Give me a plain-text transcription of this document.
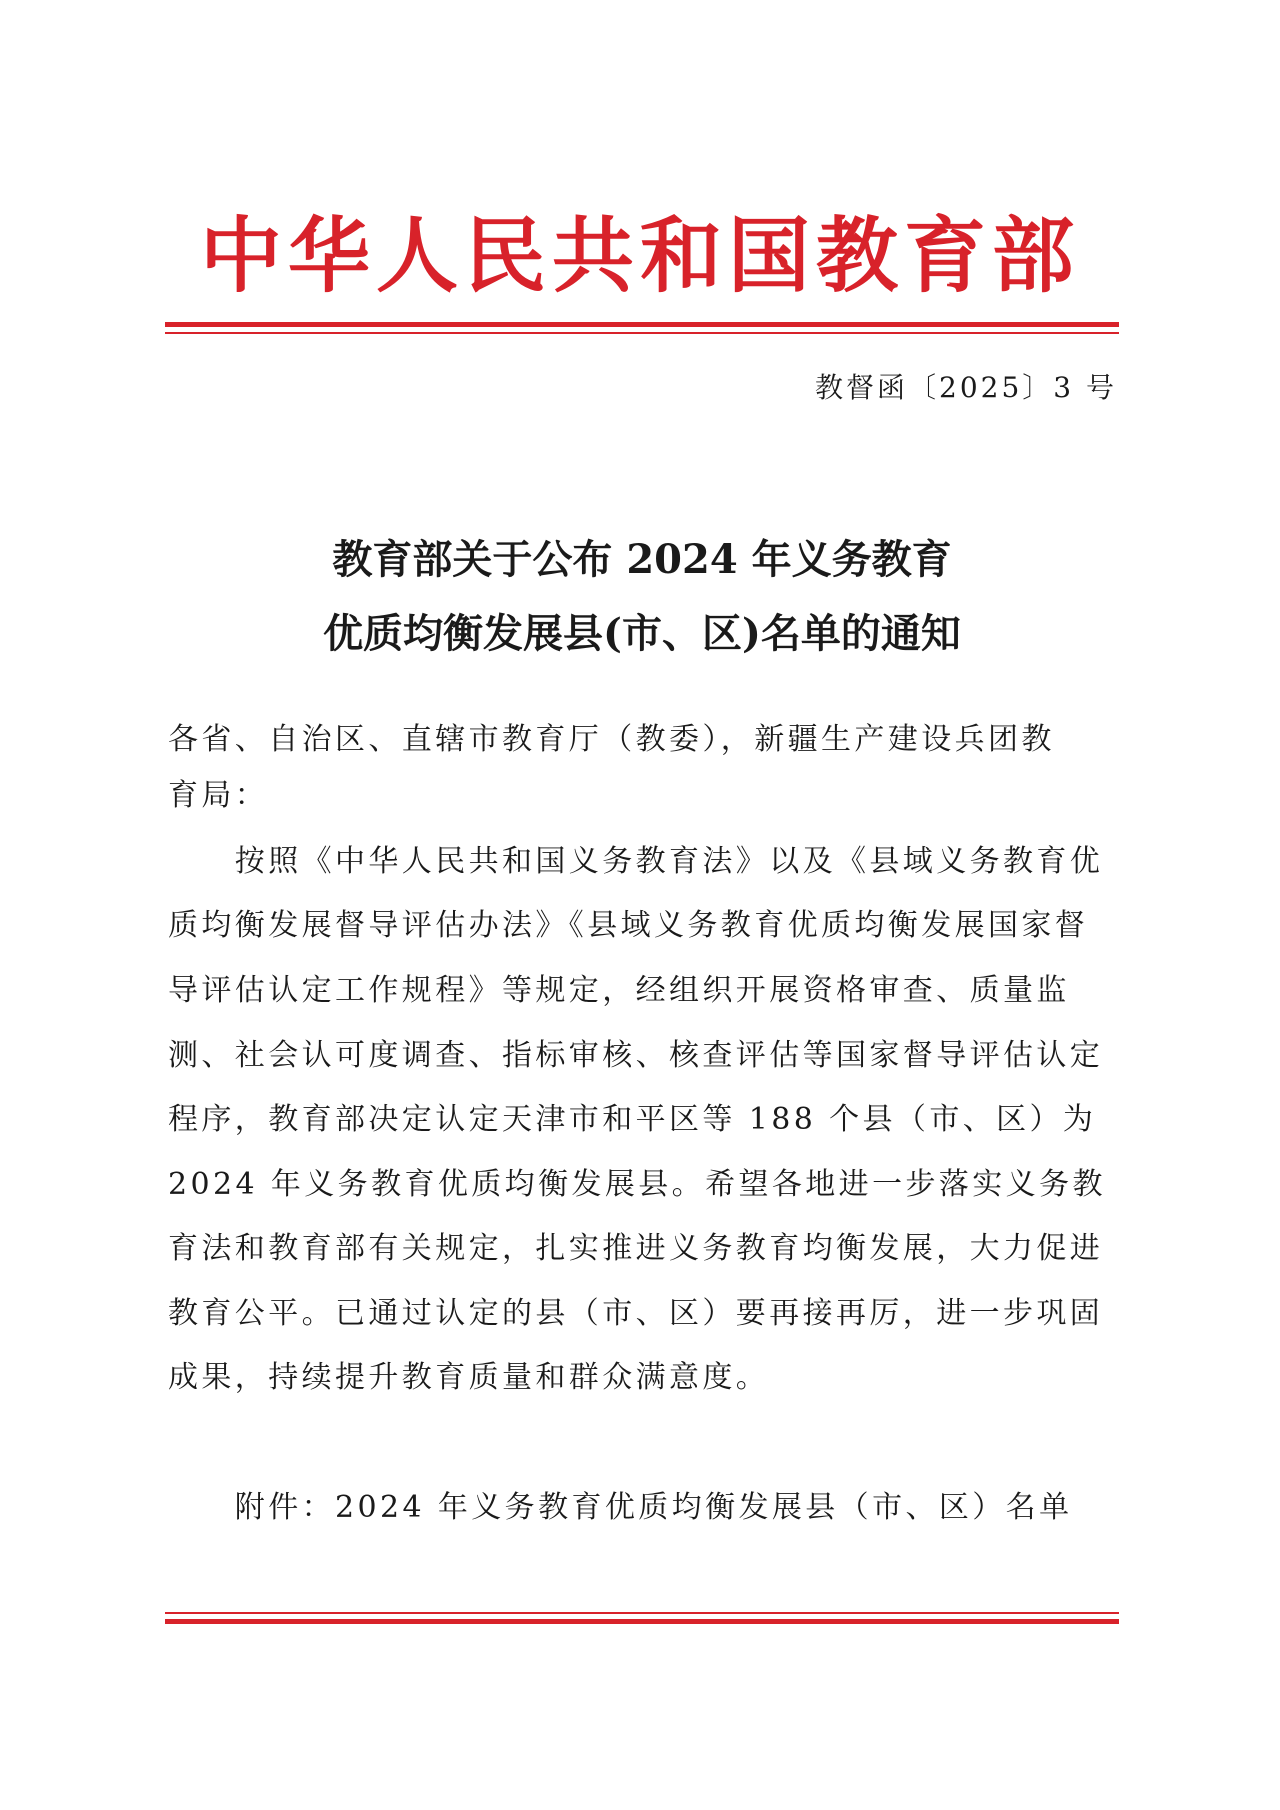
中华人民共和国教育部
教督函〔2025〕3 号
教育部关于公布 2024 年义务教育
优质均衡发展县(市、区)名单的通知
各省、自治区、直辖市教育厅（教委），新疆生产建设兵团教
育局：
　　按照《中华人民共和国义务教育法》以及《县域义务教育优
质均衡发展督导评估办法》《县域义务教育优质均衡发展国家督
导评估认定工作规程》等规定，经组织开展资格审查、质量监
测、社会认可度调查、指标审核、核查评估等国家督导评估认定
程序，教育部决定认定天津市和平区等 188 个县（市、区）为
2024 年义务教育优质均衡发展县。希望各地进一步落实义务教
育法和教育部有关规定，扎实推进义务教育均衡发展，大力促进
教育公平。已通过认定的县（市、区）要再接再厉，进一步巩固
成果，持续提升教育质量和群众满意度。
　　附件：2024 年义务教育优质均衡发展县（市、区）名单
